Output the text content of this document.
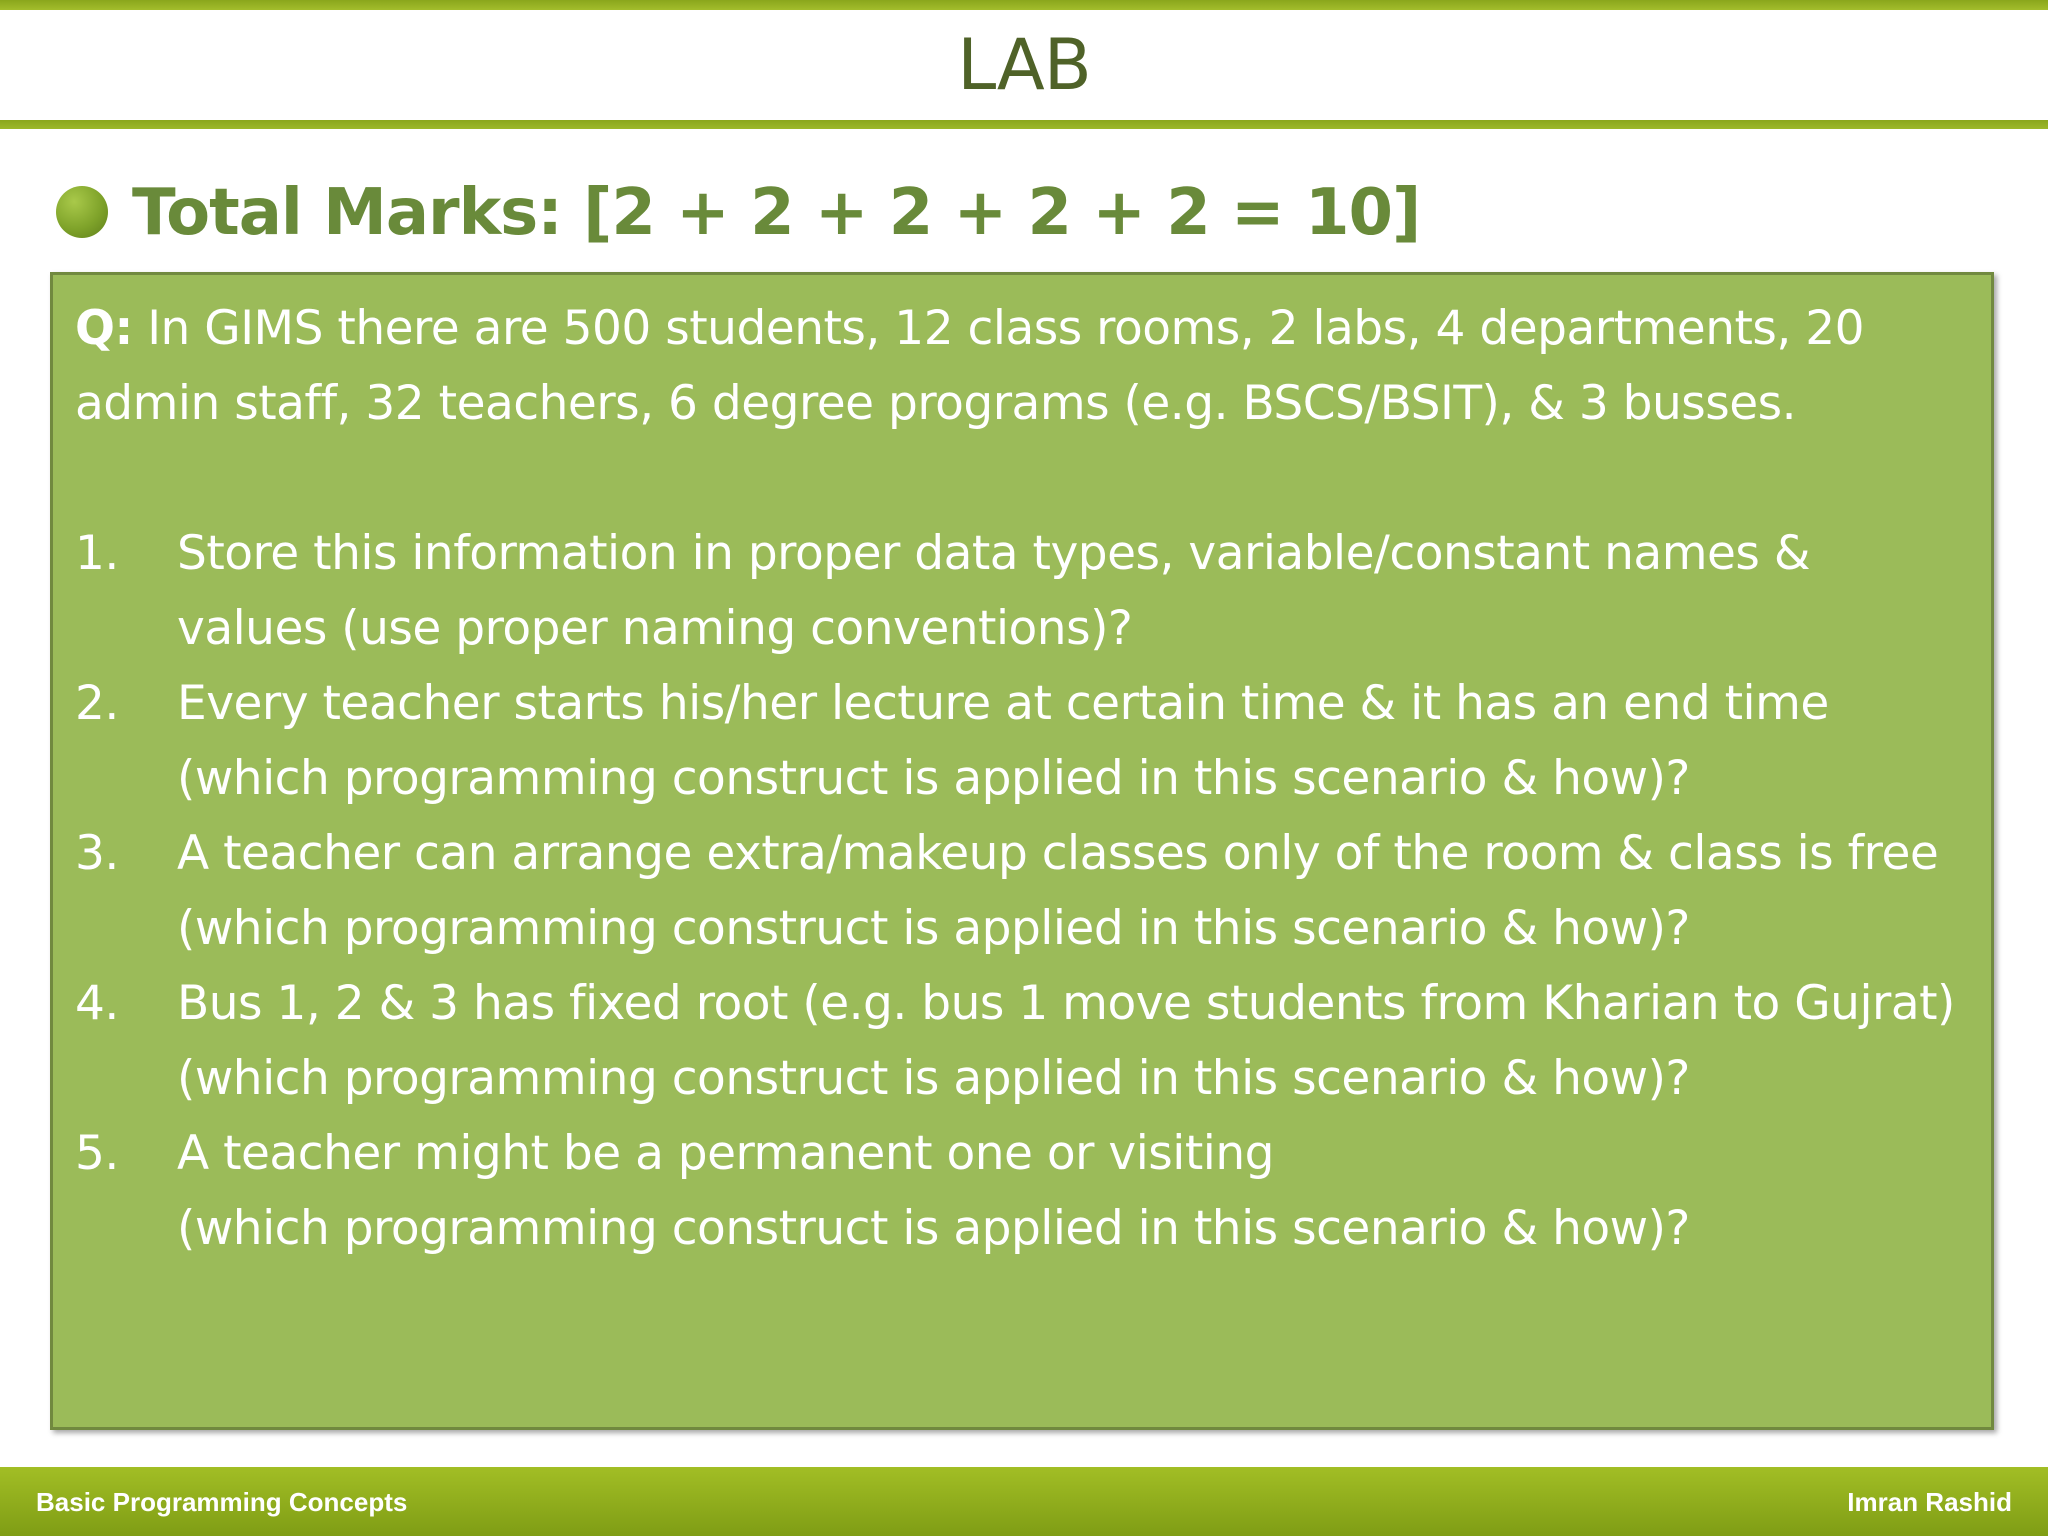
LAB
Total Marks: [2 + 2 + 2 + 2 + 2 = 10]

Q: In GIMS there are 500 students, 12 class rooms, 2 labs, 4 departments, 20 admin staff, 32 teachers, 6 degree programs (e.g. BSCS/BSIT), & 3 busses.

1.	Store this information in proper data types, variable/constant names & values (use proper naming conventions)?
2.	Every teacher starts his/her lecture at certain time & it has an end time (which programming construct is applied in this scenario & how)?
3.	A teacher can arrange extra/makeup classes only of the room & class is free (which programming construct is applied in this scenario & how)?
4.	Bus 1, 2 & 3 has fixed root (e.g. bus 1 move students from Kharian to Gujrat) (which programming construct is applied in this scenario & how)?
5.	A teacher might be a permanent one or visiting
(which programming construct is applied in this scenario & how)?
Basic Programming Concepts	Imran Rashid
